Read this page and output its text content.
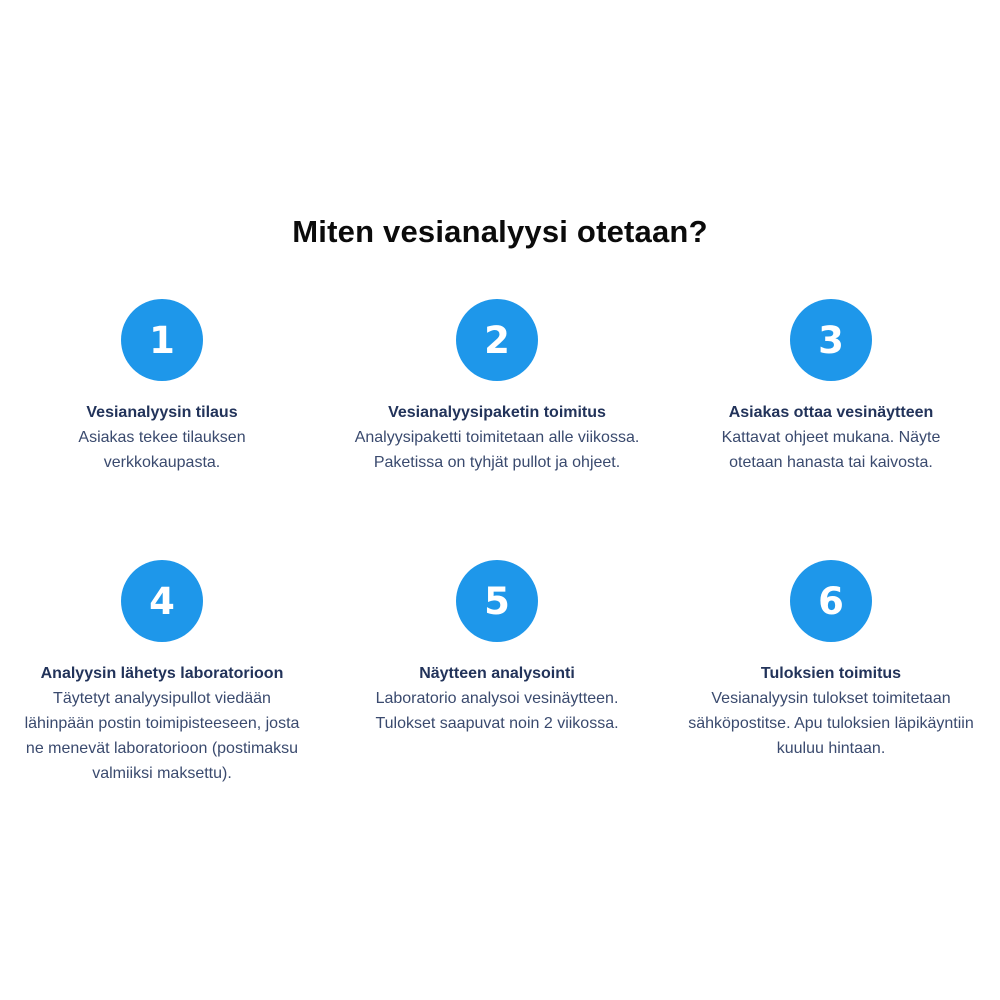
Miten vesianalyysi otetaan?
1
Vesianalyysin tilaus
Asiakas tekee tilauksen verkkokaupasta.
2
Vesianalyysipaketin toimitus
Analyysipaketti toimitetaan alle viikossa. Paketissa on tyhjät pullot ja ohjeet.
3
Asiakas ottaa vesinäytteen
Kattavat ohjeet mukana. Näyte otetaan hanasta tai kaivosta.
4
Analyysin lähetys laboratorioon
Täytetyt analyysipullot viedään lähinpään postin toimipisteeseen, josta ne menevät laboratorioon (postimaksu valmiiksi maksettu).
5
Näytteen analysointi
Laboratorio analysoi vesinäytteen. Tulokset saapuvat noin 2 viikossa.
6
Tuloksien toimitus
Vesianalyysin tulokset toimitetaan sähköpostitse. Apu tuloksien läpikäyntiin kuuluu hintaan.
